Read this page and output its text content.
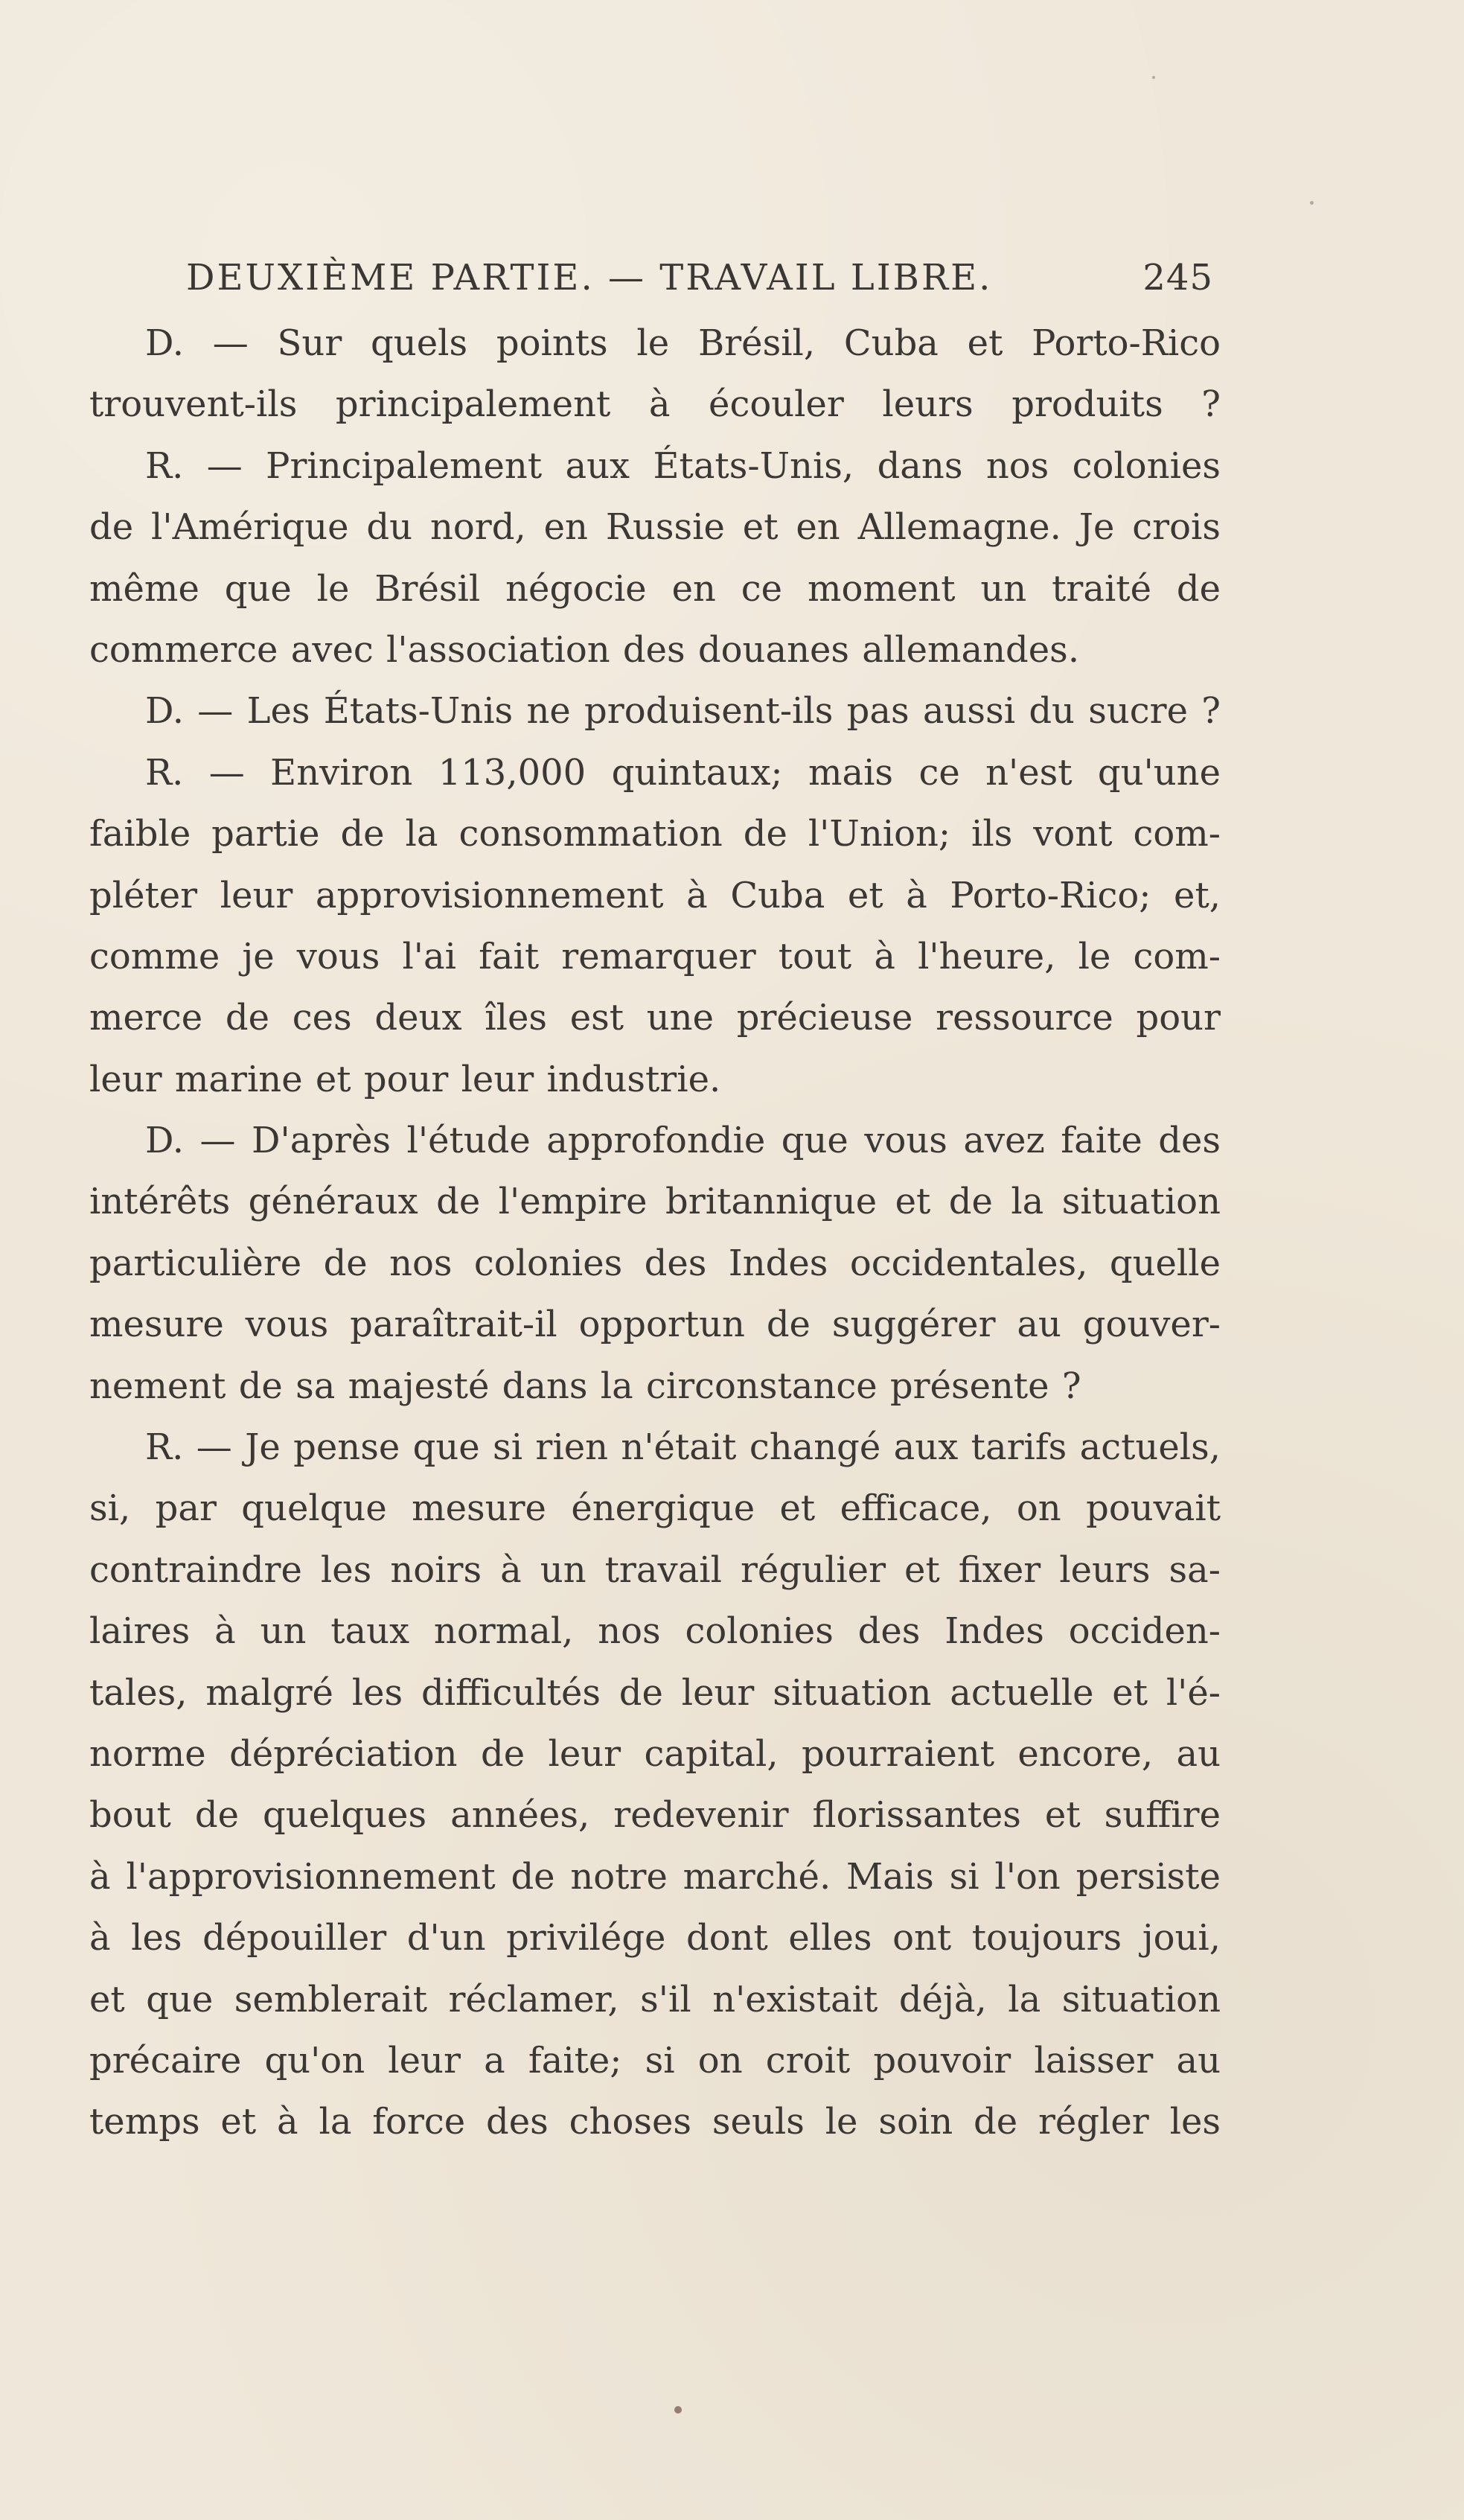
DEUXIÈME PARTIE. — TRAVAIL LIBRE.	245
D. — Sur quels points le Brésil, Cuba et Porto-Rico
trouvent-ils principalement à écouler leurs produits ?
R. — Principalement aux États-Unis, dans nos colonies
de l'Amérique du nord, en Russie et en Allemagne. Je crois
même que le Brésil négocie en ce moment un traité de
commerce avec l'association des douanes allemandes.
D. — Les États-Unis ne produisent-ils pas aussi du sucre ?
R. — Environ 113,000 quintaux; mais ce n'est qu'une
faible partie de la consommation de l'Union; ils vont com-
pléter leur approvisionnement à Cuba et à Porto-Rico; et,
comme je vous l'ai fait remarquer tout à l'heure, le com-
merce de ces deux îles est une précieuse ressource pour
leur marine et pour leur industrie.
D. — D'après l'étude approfondie que vous avez faite des
intérêts généraux de l'empire britannique et de la situation
particulière de nos colonies des Indes occidentales, quelle
mesure vous paraîtrait-il opportun de suggérer au gouver-
nement de sa majesté dans la circonstance présente ?
R. — Je pense que si rien n'était changé aux tarifs actuels,
si, par quelque mesure énergique et efficace, on pouvait
contraindre les noirs à un travail régulier et fixer leurs sa-
laires à un taux normal, nos colonies des Indes occiden-
tales, malgré les difficultés de leur situation actuelle et l'é-
norme dépréciation de leur capital, pourraient encore, au
bout de quelques années, redevenir florissantes et suffire
à l'approvisionnement de notre marché. Mais si l'on persiste
à les dépouiller d'un privilége dont elles ont toujours joui,
et que semblerait réclamer, s'il n'existait déjà, la situation
précaire qu'on leur a faite; si on croit pouvoir laisser au
temps et à la force des choses seuls le soin de régler les
